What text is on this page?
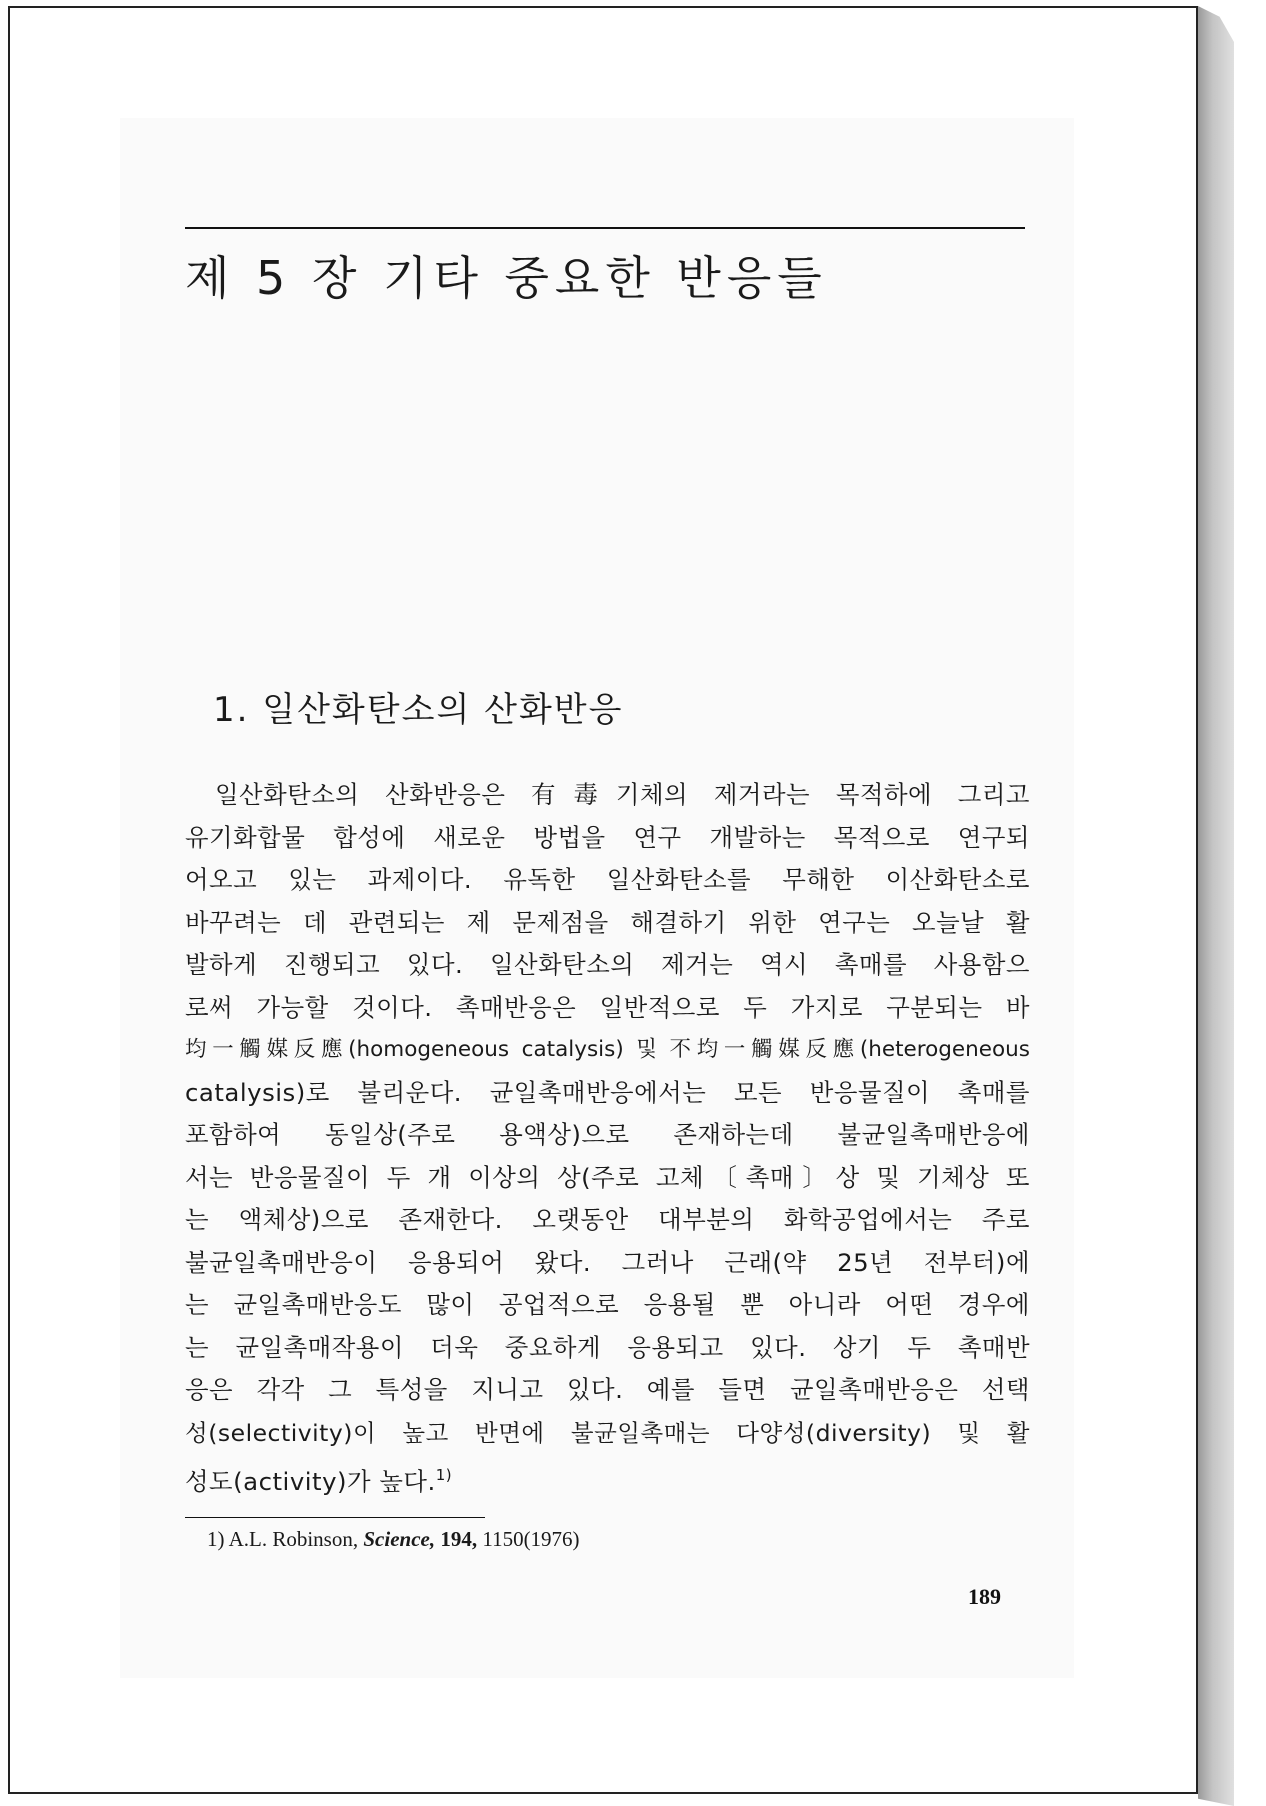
제 5 장 기타 중요한 반응들
1. 일산화탄소의 산화반응
일산화탄소의 산화반응은 有毒기체의 제거라는 목적하에 그리고
유기화합물 합성에 새로운 방법을 연구 개발하는 목적으로 연구되
어오고 있는 과제이다. 유독한 일산화탄소를 무해한 이산화탄소로
바꾸려는 데 관련되는 제 문제점을 해결하기 위한 연구는 오늘날 활
발하게 진행되고 있다. 일산화탄소의 제거는 역시 촉매를 사용함으
로써 가능할 것이다. 촉매반응은 일반적으로 두 가지로 구분되는 바
均一觸媒反應(homogeneous catalysis) 및 不均一觸媒反應(heterogeneous
catalysis)로 불리운다. 균일촉매반응에서는 모든 반응물질이 촉매를
포함하여 동일상(주로 용액상)으로 존재하는데 불균일촉매반응에
서는 반응물질이 두 개 이상의 상(주로 고체〔촉매〕상 및 기체상 또
는 액체상)으로 존재한다. 오랫동안 대부분의 화학공업에서는 주로
불균일촉매반응이 응용되어 왔다. 그러나 근래(약 25년 전부터)에
는 균일촉매반응도 많이 공업적으로 응용될 뿐 아니라 어떤 경우에
는 균일촉매작용이 더욱 중요하게 응용되고 있다. 상기 두 촉매반
응은 각각 그 특성을 지니고 있다. 예를 들면 균일촉매반응은 선택
성(selectivity)이 높고 반면에 불균일촉매는 다양성(diversity) 및 활
성도(activity)가 높다.$^{1)}$
1) A.L. Robinson, Science, 194, 1150(1976)
189
